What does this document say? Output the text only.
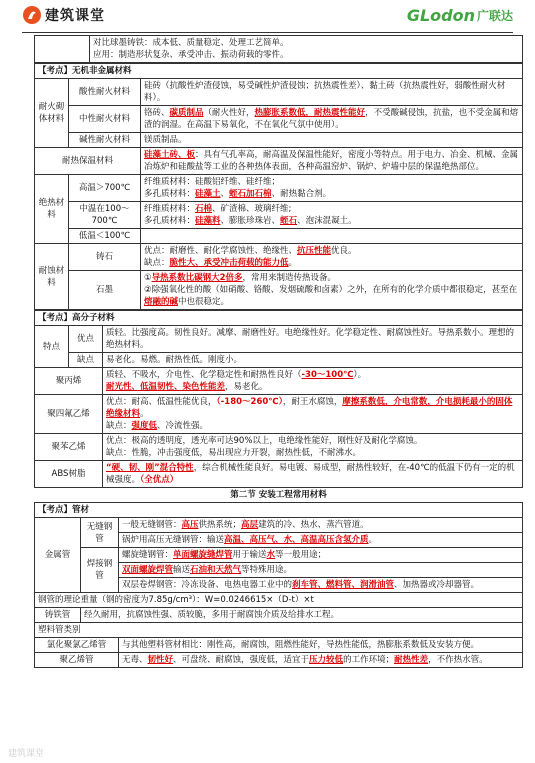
建筑课堂	GLodon 广联达

对比球墨铸铁：成本低、质量稳定、处理工艺简单。
应用：制造形状复杂、承受冲击、振动荷载的零件。
【考点】无机非金属材料		
耐火砌体材料	酸性耐火材料	硅砖（抗酸性炉渣侵蚀，易受碱性炉渣侵蚀；抗热震性差）、黏土砖（抗热震性好，弱酸性耐火材料）。
	中性耐火材料	铬砖、碳质制品（耐火性好，热膨胀系数低，耐热震性能好，不受酸碱侵蚀，抗盐，也不受金属和熔渣的润湿。在高温下易氧化，不在氧化气氛中使用）。
	碱性耐火材料	镁质制品。
耐热保温材料		硅藻土砖、板：具有气孔率高，耐高温及保温性能好，密度小等特点。用于电力、冶金、机械、金属冶炼炉和硅酸盐等工业的各种热体表面，各种高温窑炉、锅炉、炉墙中层的保温绝热部位。
绝热材料	高温＞700℃	纤维质材料：硅酸铝纤维、硅纤维；
多孔质材料：硅藻土、蛭石加石棉、耐热黏合剂。

	中温在100～700℃	纤维质材料：石棉、矿渣棉、玻璃纤维;
多孔质材料：硅藻料、膨胀珍珠岩、蛭石、泡沫混凝土。

	低温＜100℃	
耐蚀材料	铸石	优点：耐磨性、耐化学腐蚀性、绝缘性、抗压性能优良。
缺点：脆性大、承受冲击荷载的能力低。

	石墨	①导热系数比碳钢大2倍多，常用来制造传热设备。
②除强氧化性的酸（如硝酸、铬酸、发烟硫酸和卤素）之外，在所有的化学介质中都很稳定，甚至在熔融的碱中也很稳定。
【考点】高分子材料		
特点	优点	质轻。比强度高。韧性良好。减摩、耐磨性好。电绝缘性好。化学稳定性、耐腐蚀性好。导热系数小。理想的绝热材料。
	缺点	易老化。易燃。耐热性低。刚度小。
聚丙烯		质轻、不吸水，介电性、化学稳定性和耐热性良好（-30～100℃）。
耐光性、低温韧性、染色性能差，易老化。

聚四氟乙烯		优点：耐高、低温性能优良，（-180～260℃），耐王水腐蚀，摩擦系数低，介电常数，介电损耗最小的固体绝缘材料。
缺点：强度低、冷流性强。

聚苯乙烯		优点：极高的透明度，透光率可达90%以上，电绝缘性能好，刚性好及耐化学腐蚀。
缺点：性脆，冲击强度低，易出现应力开裂，耐热性低，不耐沸水。

ABS树脂		“硬、韧、刚”混合特性，综合机械性能良好。易电镀、易成型，耐热性较好，在-40℃的低温下仍有一定的机械强度。（全优点）
第二节 安装工程常用材料
【考点】管材		
金属管	无缝钢管	一般无缝钢管：高压供热系统；高层建筑的冷、热水、蒸汽管道。
		锅炉用高压无缝钢管：输送高温、高压气、水、高温高压含氢介质。
	焊接钢管	螺旋缝钢管：单面螺旋缝焊管用于输送水等一般用途；
		双面螺旋焊管输送石油和天然气等特殊用途。
		双层卷焊钢管：冷冻设备、电热电器工业中的刹车管、燃料管、润滑油管、加热器或冷却器管。
钢管的理论重量（钢的密度为7.85g/cm³）：W=0.0246615×（D-t）×t		
铸铁管	经久耐用，抗腐蚀性强、质较脆，多用于耐腐蚀介质及给排水工程。	
塑料管类别		
氯化聚氯乙烯管		与其他塑料管材相比：刚性高，耐腐蚀，阻燃性能好，导热性能低，热膨胀系数低及安装方便。
聚乙烯管		无毒、韧性好、可盘绕、耐腐蚀，强度低，适宜于压力较低的工作环境；耐热性差，不作热水管。
建筑课堂
